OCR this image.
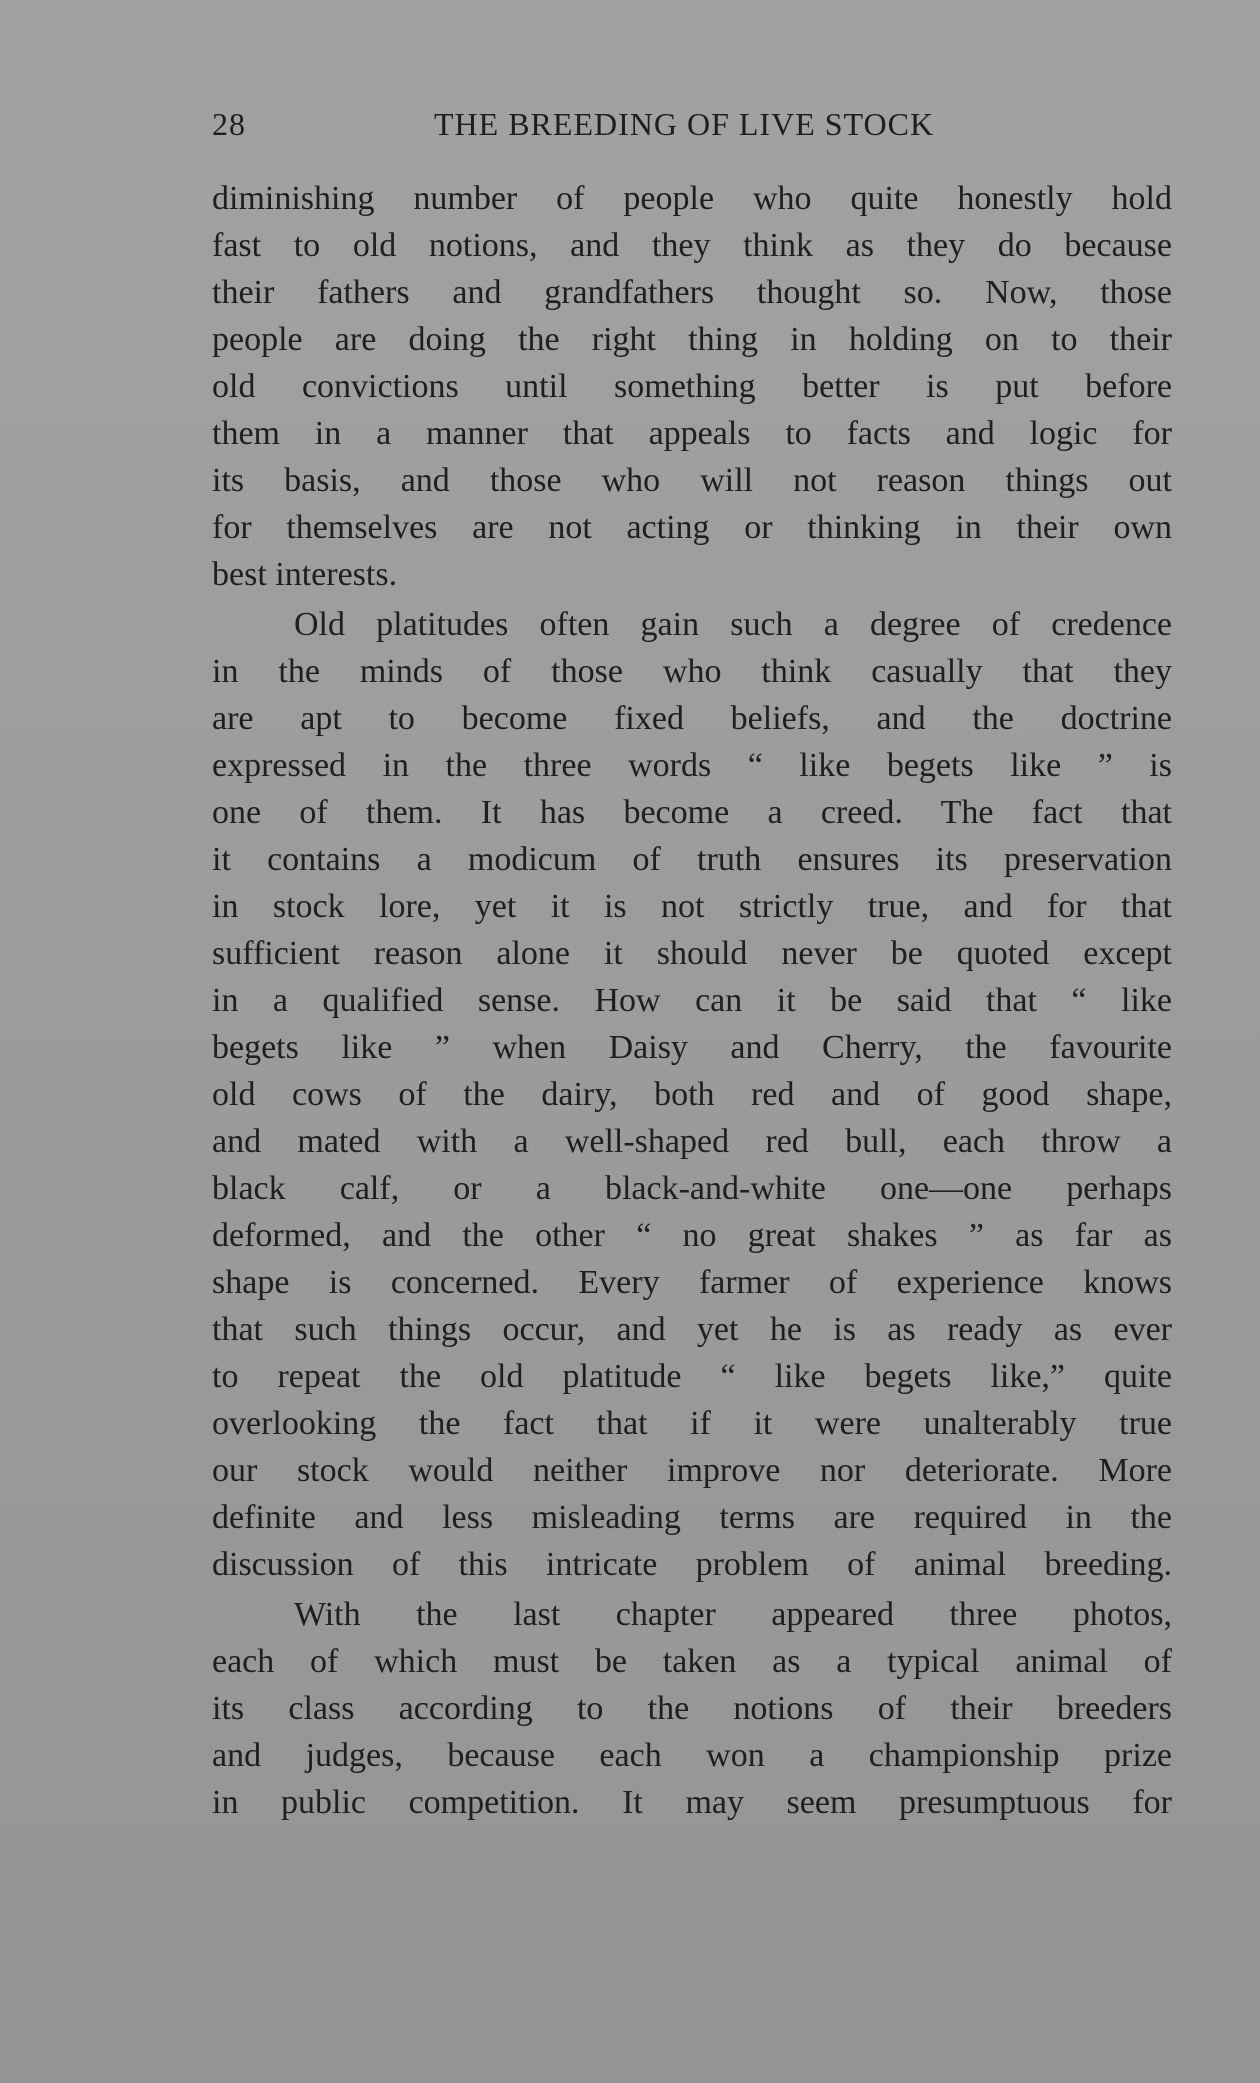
28	THE BREEDING OF LIVE STOCK
diminishing number of people who quite honestly hold
fast to old notions, and they think as they do because
their fathers and grandfathers thought so. Now, those
people are doing the right thing in holding on to their
old convictions until something better is put before
them in a manner that appeals to facts and logic for
its basis, and those who will not reason things out
for themselves are not acting or thinking in their own
best interests.
Old platitudes often gain such a degree of credence
in the minds of those who think casually that they
are apt to become fixed beliefs, and the doctrine
expressed in the three words “ like begets like ” is
one of them. It has become a creed. The fact that
it contains a modicum of truth ensures its preservation
in stock lore, yet it is not strictly true, and for that
sufficient reason alone it should never be quoted except
in a qualified sense. How can it be said that “ like
begets like ” when Daisy and Cherry, the favourite
old cows of the dairy, both red and of good shape,
and mated with a well-shaped red bull, each throw a
black calf, or a black-and-white one—one perhaps
deformed, and the other “ no great shakes ” as far as
shape is concerned. Every farmer of experience knows
that such things occur, and yet he is as ready as ever
to repeat the old platitude “ like begets like,” quite
overlooking the fact that if it were unalterably true
our stock would neither improve nor deteriorate. More
definite and less misleading terms are required in the
discussion of this intricate problem of animal breeding.
With the last chapter appeared three photos,
each of which must be taken as a typical animal of
its class according to the notions of their breeders
and judges, because each won a championship prize
in public competition. It may seem presumptuous for
